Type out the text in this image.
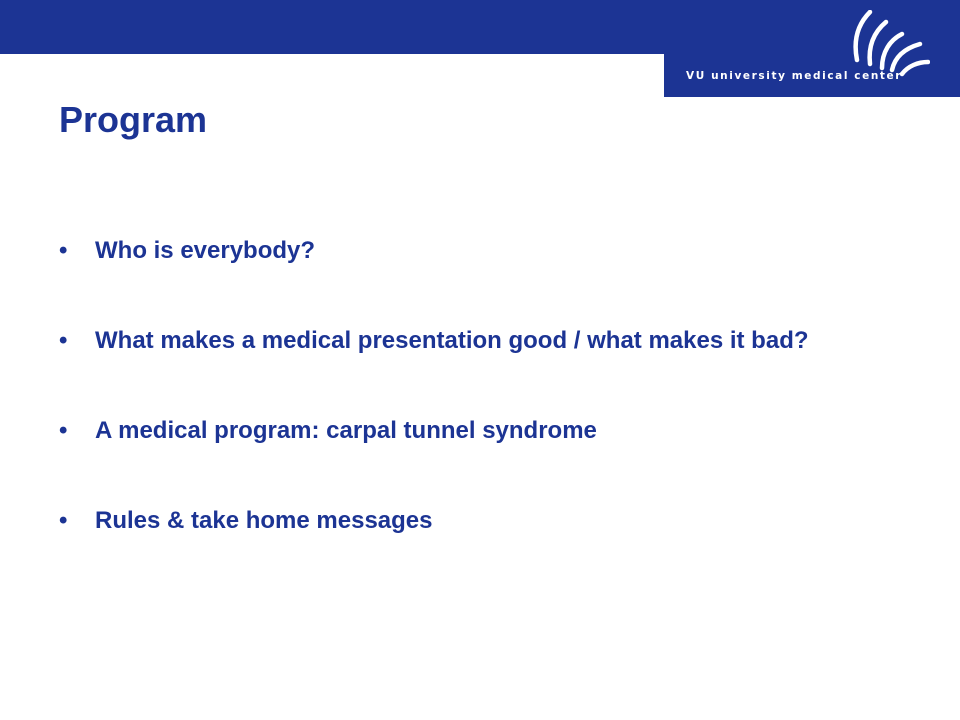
VU university medical center
Program
•	Who is everybody?
•	What makes a medical presentation good / what makes it bad?
•	A medical program: carpal tunnel syndrome
•	Rules & take home messages
